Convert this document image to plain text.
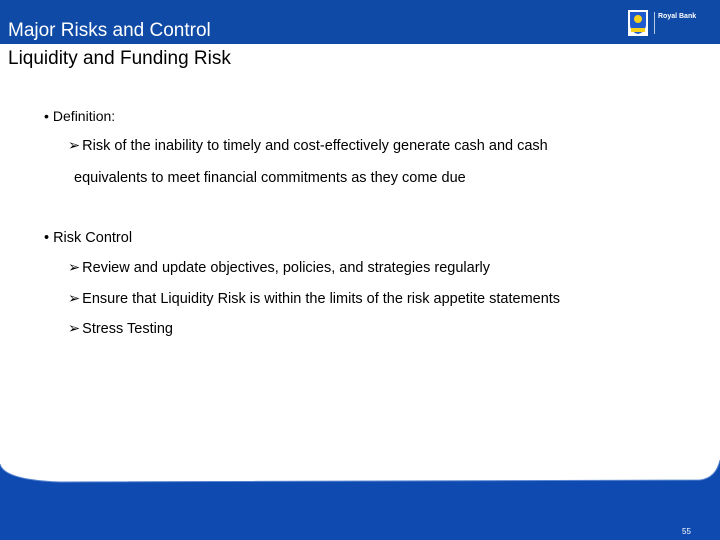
Major Risks and Control
Liquidity and Funding Risk
Royal Bank
• Definition:
➢ Risk of the inability to timely and cost-effectively generate cash and cash
equivalents to meet financial commitments as they come due
• Risk Control
➢ Review and update objectives, policies, and strategies regularly
➢ Ensure that Liquidity Risk is within the limits of the risk appetite statements
➢ Stress Testing
55
